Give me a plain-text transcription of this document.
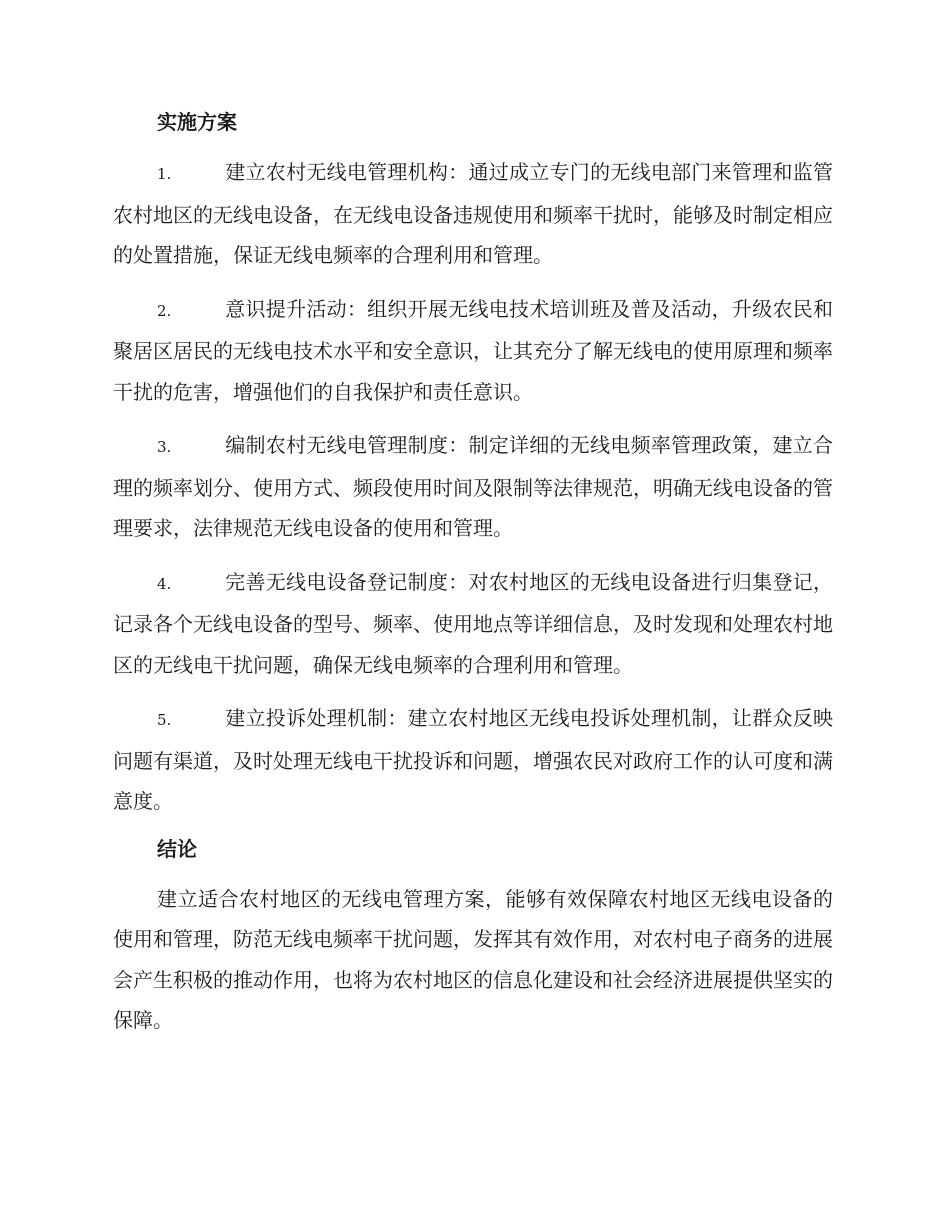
实施方案
1.	建立农村无线电管理机构：通过成立专门的无线电部门来管理和监管农村地区的无线电设备，在无线电设备违规使用和频率干扰时，能够及时制定相应的处置措施，保证无线电频率的合理利用和管理。
2.	意识提升活动：组织开展无线电技术培训班及普及活动，升级农民和聚居区居民的无线电技术水平和安全意识，让其充分了解无线电的使用原理和频率干扰的危害，增强他们的自我保护和责任意识。
3.	编制农村无线电管理制度：制定详细的无线电频率管理政策，建立合理的频率划分、使用方式、频段使用时间及限制等法律规范，明确无线电设备的管理要求，法律规范无线电设备的使用和管理。
4.	完善无线电设备登记制度：对农村地区的无线电设备进行归集登记，记录各个无线电设备的型号、频率、使用地点等详细信息，及时发现和处理农村地区的无线电干扰问题，确保无线电频率的合理利用和管理。
5.	建立投诉处理机制：建立农村地区无线电投诉处理机制，让群众反映问题有渠道，及时处理无线电干扰投诉和问题，增强农民对政府工作的认可度和满意度。
结论

建立适合农村地区的无线电管理方案，能够有效保障农村地区无线电设备的使用和管理，防范无线电频率干扰问题，发挥其有效作用，对农村电子商务的进展会产生积极的推动作用，也将为农村地区的信息化建设和社会经济进展提供坚实的保障。
